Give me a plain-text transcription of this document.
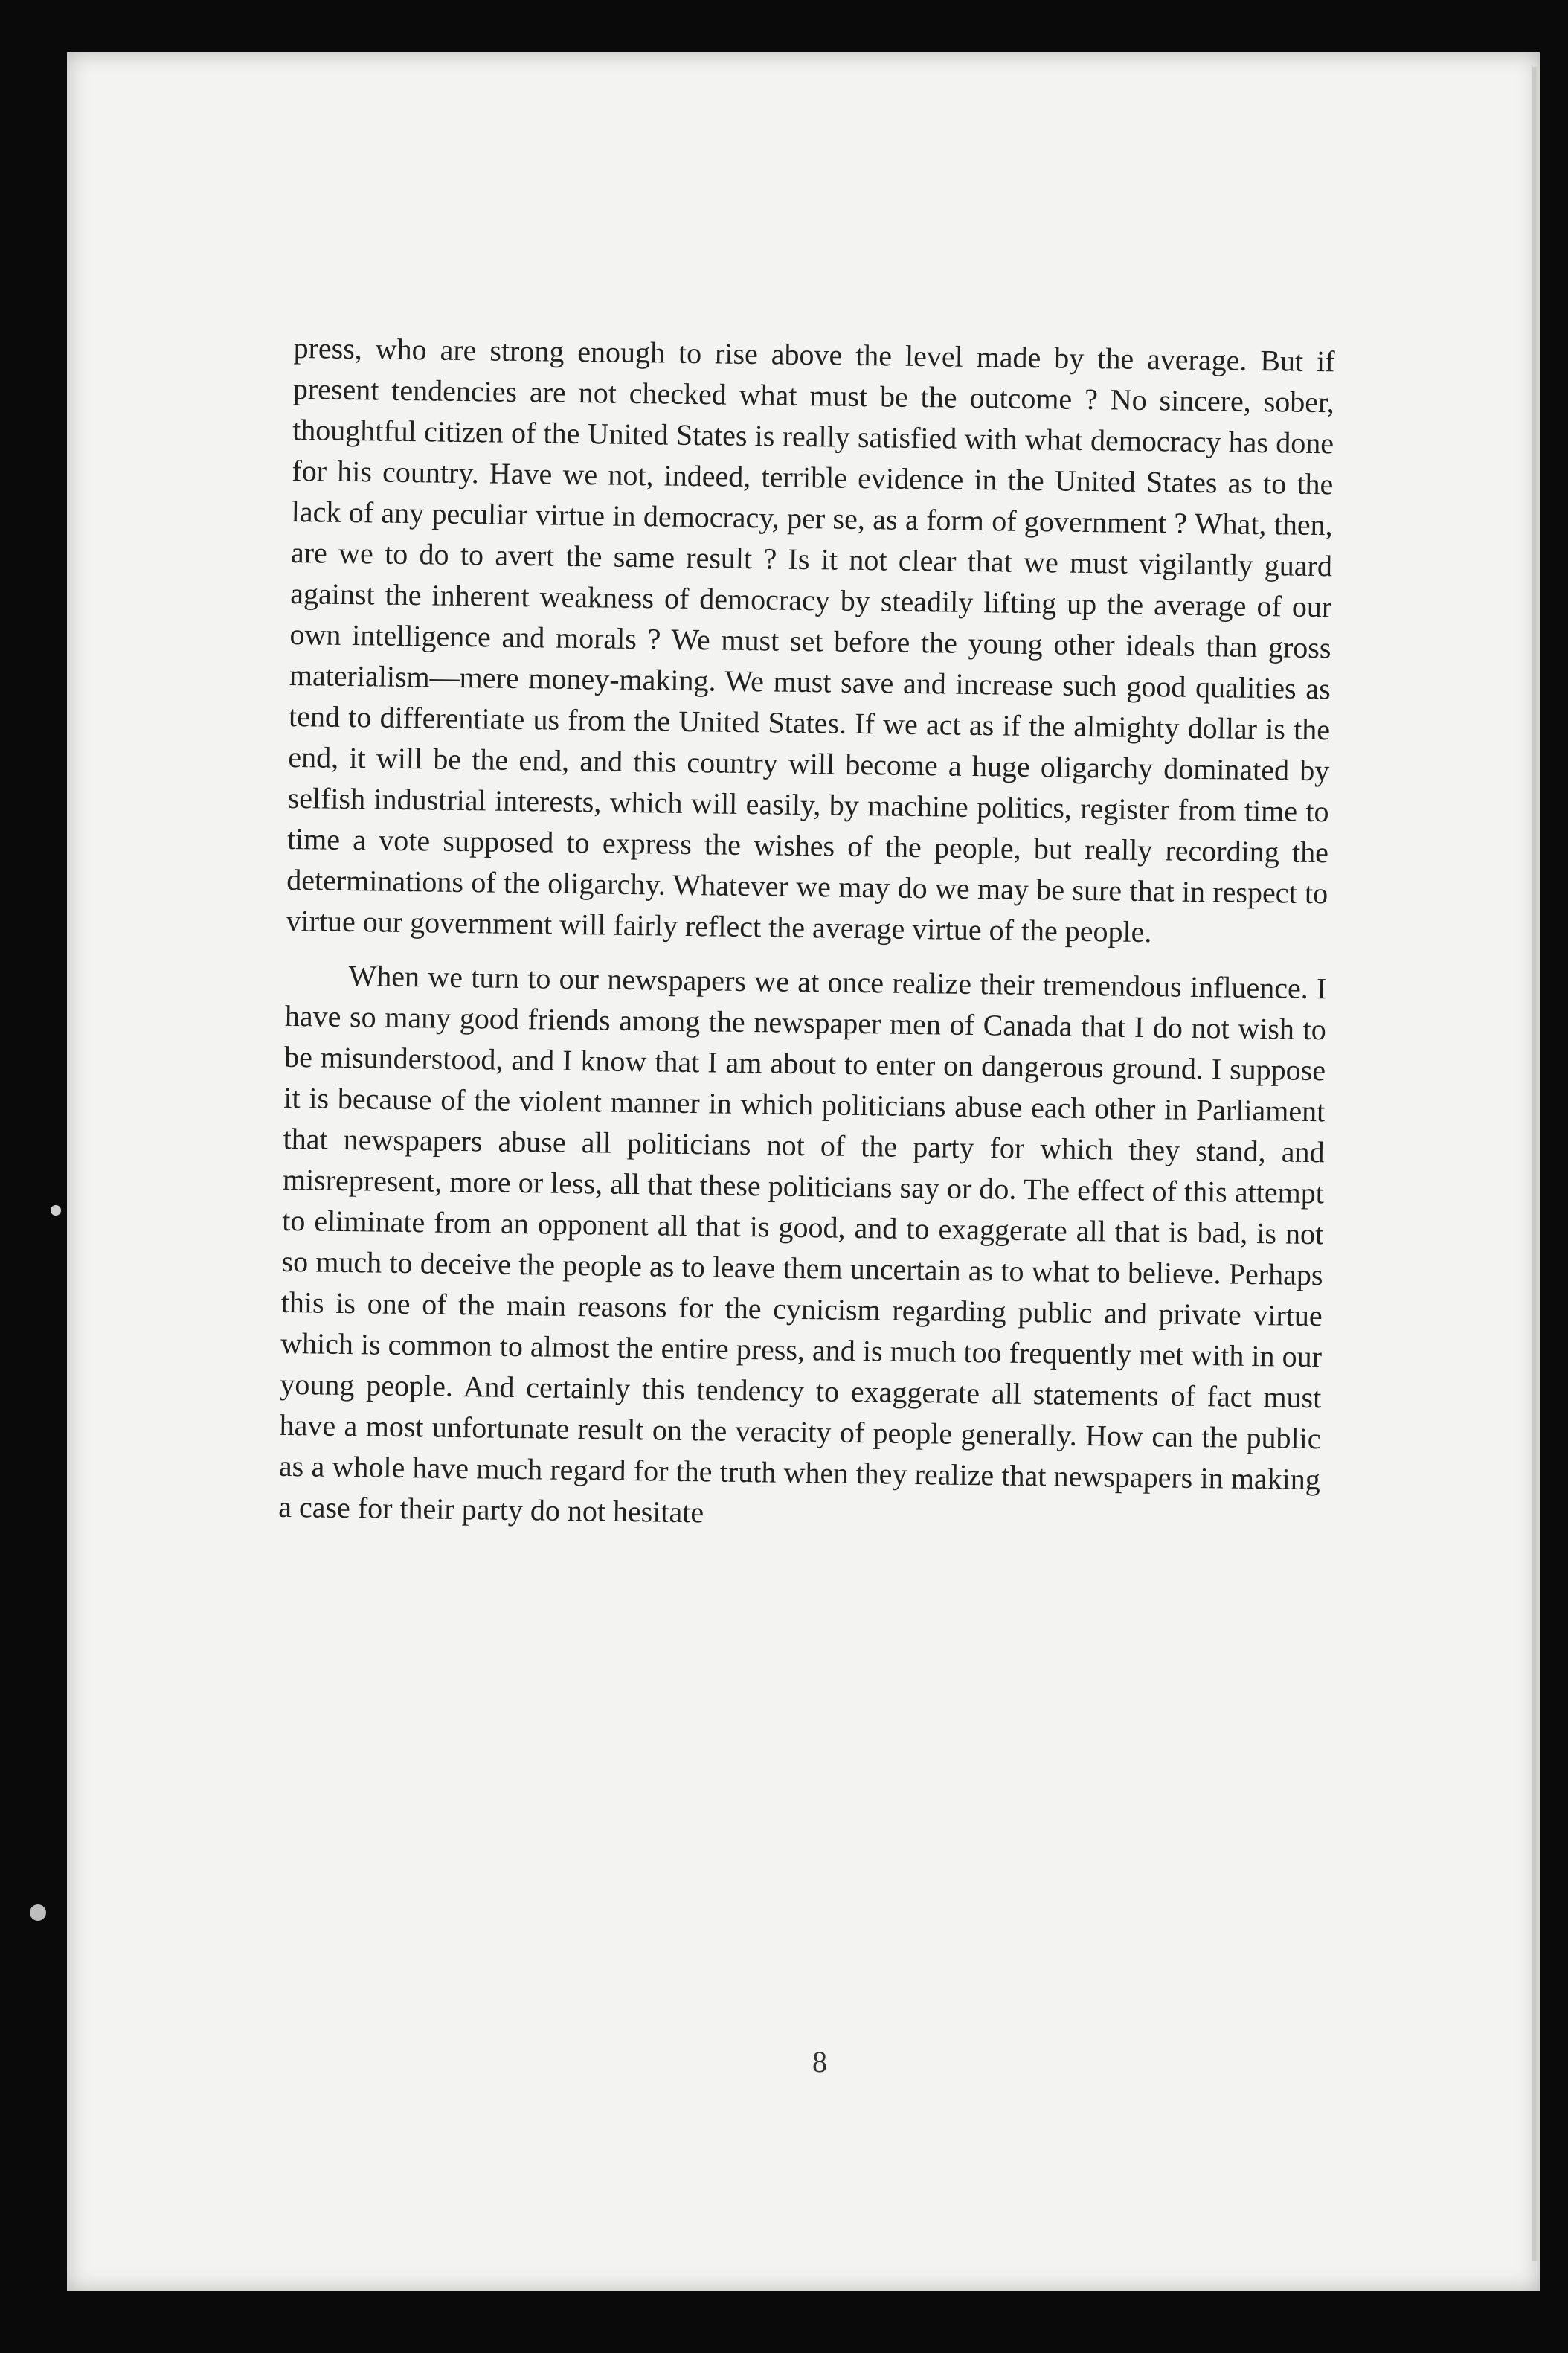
press, who are strong enough to rise above the level made by the average. But if present tendencies are not checked what must be the outcome ? No sincere, sober, thoughtful citizen of the United States is really satisfied with what democracy has done for his country. Have we not, indeed, terrible evidence in the United States as to the lack of any peculiar virtue in democracy, per se, as a form of government ? What, then, are we to do to avert the same result ? Is it not clear that we must vigilantly guard against the inherent weakness of democracy by steadily lifting up the average of our own intelligence and morals ? We must set before the young other ideals than gross materialism—mere money-making. We must save and increase such good qualities as tend to differentiate us from the United States. If we act as if the almighty dollar is the end, it will be the end, and this country will become a huge oligarchy dominated by selfish industrial interests, which will easily, by machine politics, register from time to time a vote supposed to express the wishes of the people, but really recording the determinations of the oligarchy. Whatever we may do we may be sure that in respect to virtue our government will fairly reflect the average virtue of the people.

When we turn to our newspapers we at once realize their tremendous influence. I have so many good friends among the newspaper men of Canada that I do not wish to be misunderstood, and I know that I am about to enter on dangerous ground. I suppose it is because of the violent manner in which politicians abuse each other in Parliament that newspapers abuse all politicians not of the party for which they stand, and misrepresent, more or less, all that these politicians say or do. The effect of this attempt to eliminate from an opponent all that is good, and to exaggerate all that is bad, is not so much to deceive the people as to leave them uncertain as to what to believe. Perhaps this is one of the main reasons for the cynicism regarding public and private virtue which is common to almost the entire press, and is much too frequently met with in our young people. And certainly this tendency to exaggerate all statements of fact must have a most unfortunate result on the veracity of people generally. How can the public as a whole have much regard for the truth when they realize that newspapers in making a case for their party do not hesitate

8
